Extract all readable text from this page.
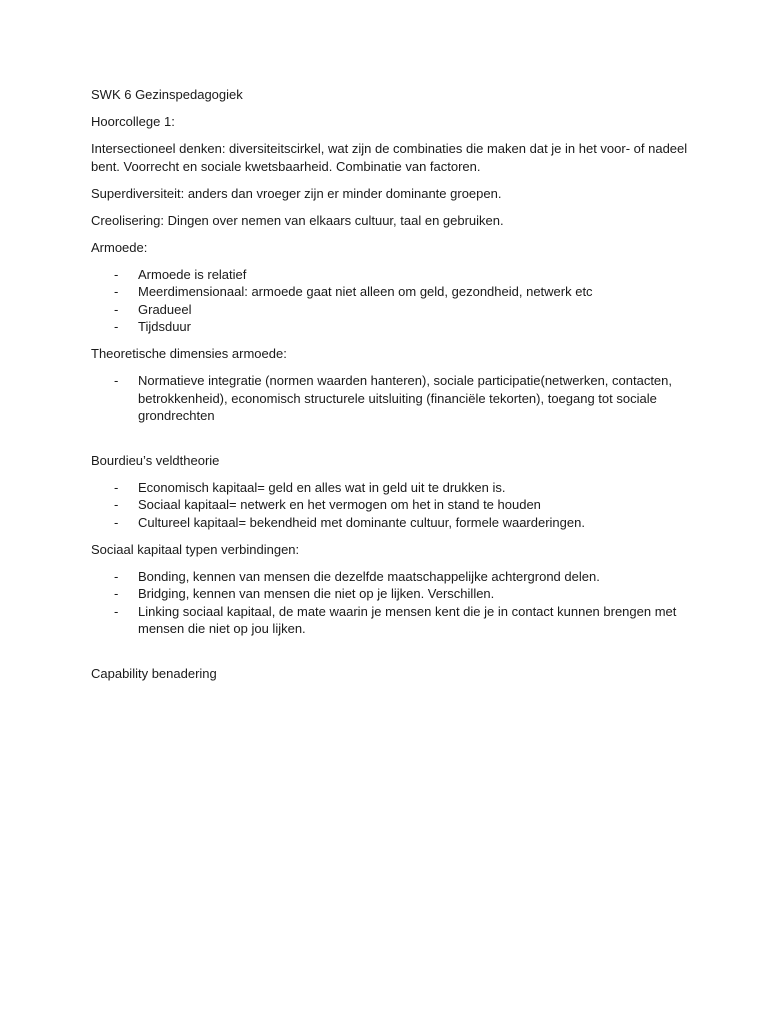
SWK 6 Gezinspedagogiek

Hoorcollege 1:

Intersectioneel denken: diversiteitscirkel, wat zijn de combinaties die maken dat je in het voor- of nadeel bent. Voorrecht en sociale kwetsbaarheid. Combinatie van factoren.

Superdiversiteit: anders dan vroeger zijn er minder dominante groepen.

Creolisering: Dingen over nemen van elkaars cultuur, taal en gebruiken.

Armoede:

- Armoede is relatief
- Meerdimensionaal: armoede gaat niet alleen om geld, gezondheid, netwerk etc
- Gradueel
- Tijdsduur

Theoretische dimensies armoede:

- Normatieve integratie (normen waarden hanteren), sociale participatie(netwerken, contacten, betrokkenheid), economisch structurele uitsluiting (financiële tekorten), toegang tot sociale grondrechten

Bourdieu’s veldtheorie

- Economisch kapitaal= geld en alles wat in geld uit te drukken is.
- Sociaal kapitaal= netwerk en het vermogen om het in stand te houden
- Cultureel kapitaal= bekendheid met dominante cultuur, formele waarderingen.

Sociaal kapitaal typen verbindingen:

- Bonding, kennen van mensen die dezelfde maatschappelijke achtergrond delen.
- Bridging, kennen van mensen die niet op je lijken. Verschillen.
- Linking sociaal kapitaal, de mate waarin je mensen kent die je in contact kunnen brengen met mensen die niet op jou lijken.

Capability benadering
